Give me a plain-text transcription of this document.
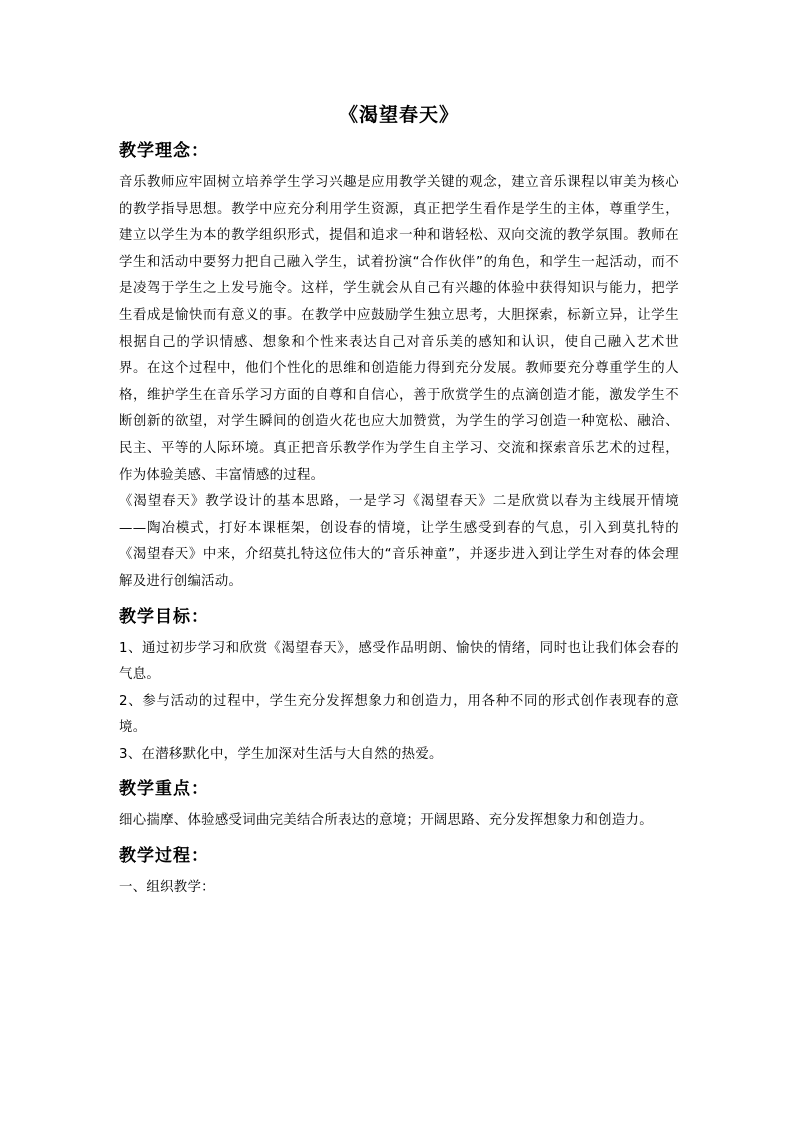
《渴望春天》
教学理念：

音乐教师应牢固树立培养学生学习兴趣是应用教学关键的观念，建立音乐课程以审美为核心的教学指导思想。教学中应充分利用学生资源，真正把学生看作是学生的主体，尊重学生，建立以学生为本的教学组织形式，提倡和追求一种和谐轻松、双向交流的教学氛围。教师在学生和活动中要努力把自己融入学生，试着扮演“合作伙伴”的角色，和学生一起活动，而不是凌驾于学生之上发号施令。这样，学生就会从自己有兴趣的体验中获得知识与能力，把学生看成是愉快而有意义的事。在教学中应鼓励学生独立思考，大胆探索，标新立异，让学生根据自己的学识情感、想象和个性来表达自己对音乐美的感知和认识，使自己融入艺术世界。在这个过程中，他们个性化的思维和创造能力得到充分发展。教师要充分尊重学生的人格，维护学生在音乐学习方面的自尊和自信心，善于欣赏学生的点滴创造才能，激发学生不断创新的欲望，对学生瞬间的创造火花也应大加赞赏，为学生的学习创造一种宽松、融洽、民主、平等的人际环境。真正把音乐教学作为学生自主学习、交流和探索音乐艺术的过程，作为体验美感、丰富情感的过程。

《渴望春天》教学设计的基本思路，一是学习《渴望春天》二是欣赏以春为主线展开情境——陶冶模式，打好本课框架，创设春的情境，让学生感受到春的气息，引入到莫扎特的《渴望春天》中来，介绍莫扎特这位伟大的“音乐神童”，并逐步进入到让学生对春的体会理解及进行创编活动。

教学目标：

1、通过初步学习和欣赏《渴望春天》，感受作品明朗、愉快的情绪，同时也让我们体会春的气息。

2、参与活动的过程中，学生充分发挥想象力和创造力，用各种不同的形式创作表现春的意境。

3、在潜移默化中，学生加深对生活与大自然的热爱。

教学重点：

细心揣摩、体验感受词曲完美结合所表达的意境；开阔思路、充分发挥想象力和创造力。

教学过程：

一、组织教学：
